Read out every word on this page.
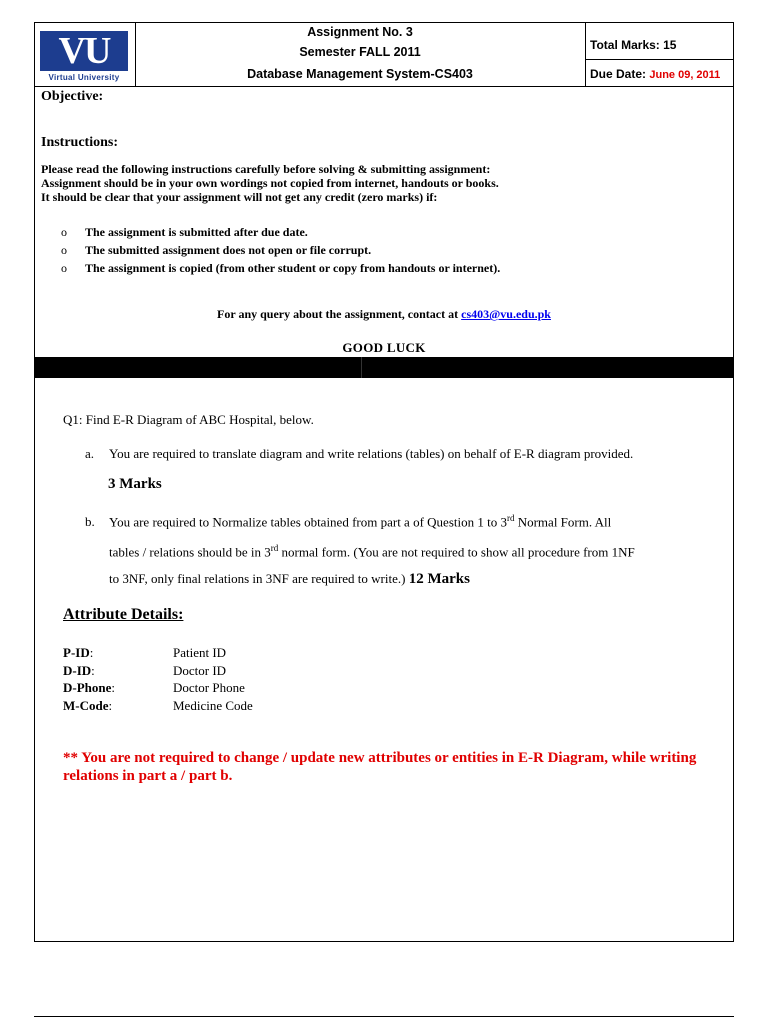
VU
Virtual University
Assignment No. 3
Semester FALL 2011
Database Management System-CS403
Total Marks: 15
Due Date: June 09, 2011
Objective:
Instructions:
Please read the following instructions carefully before solving & submitting assignment:
Assignment should be in your own wordings not copied from internet, handouts or books.
It should be clear that your assignment will not get any credit (zero marks) if:
o The assignment is submitted after due date.
o The submitted assignment does not open or file corrupt.
o The assignment is copied (from other student or copy from handouts or internet).
For any query about the assignment, contact at cs403@vu.edu.pk
GOOD LUCK
Q1: Find E-R Diagram of ABC Hospital, below.
a. You are required to translate diagram and write relations (tables) on behalf of E-R diagram provided.
3 Marks
b. You are required to Normalize tables obtained from part a of Question 1 to 3rd Normal Form. All
tables / relations should be in 3rd normal form. (You are not required to show all procedure from 1NF
to 3NF, only final relations in 3NF are required to write.) 12 Marks
Attribute Details:
P-ID:	Patient ID
D-ID:	Doctor ID
D-Phone:	Doctor Phone
M-Code:	Medicine Code
** You are not required to change / update new attributes or entities in E-R Diagram, while writing relations in part a / part b.
